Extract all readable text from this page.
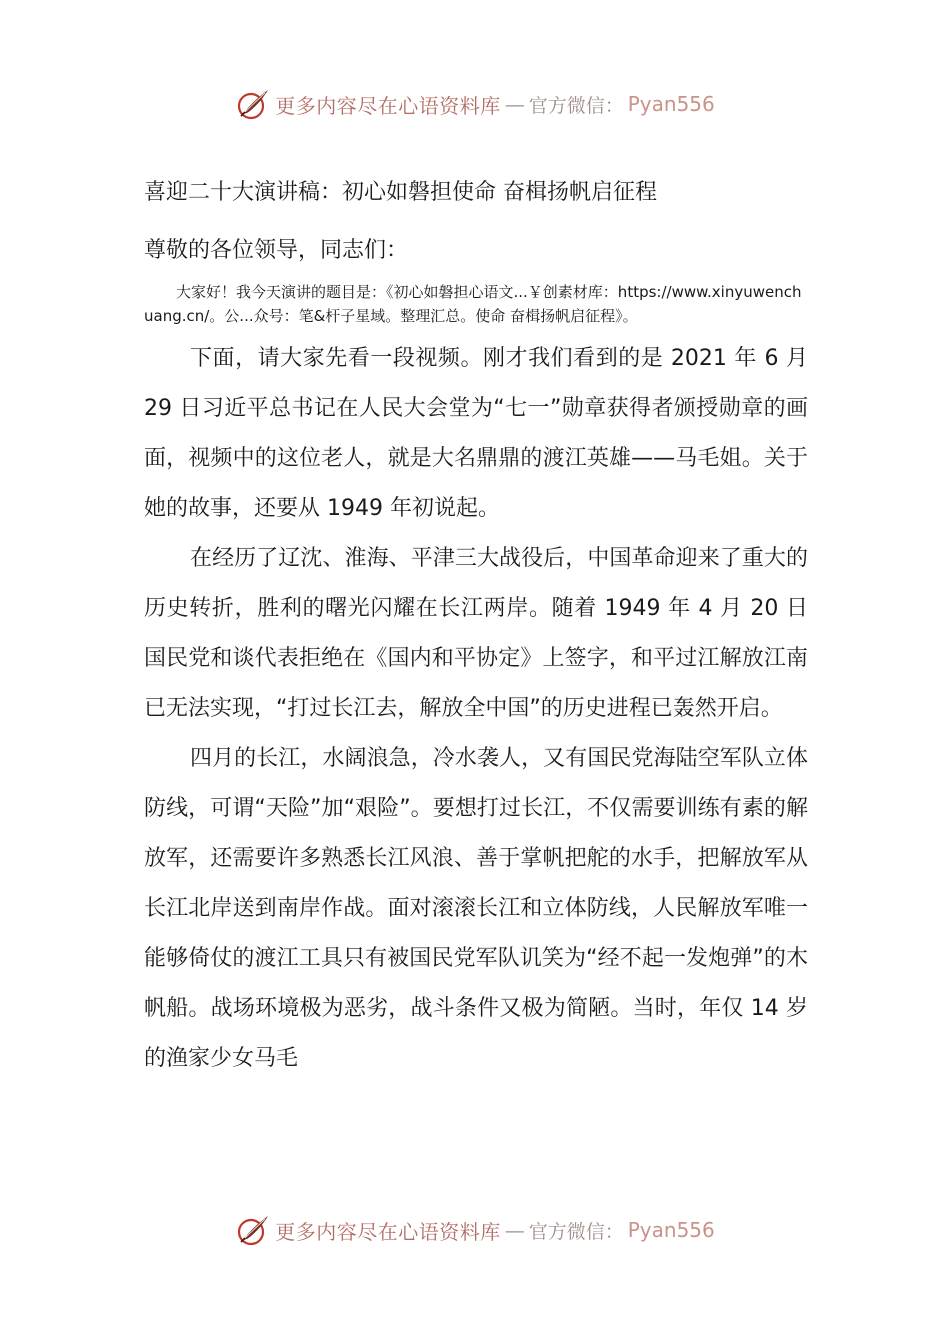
更多内容尽在心语资料库 — 官方微信： Pyan556
喜迎二十大演讲稿：初心如磐担使命 奋楫扬帆启征程

尊敬的各位领导，同志们：

大家好！我今天演讲的题目是：《初心如磐担心语文...￥创素材库：https://www.xinyuwenchuang.cn/。公...众号：笔&杆子星域。整理汇总。使命 奋楫扬帆启征程》。

下面，请大家先看一段视频。刚才我们看到的是 2021 年 6 月 29 日习近平总书记在人民大会堂为“七一”勋章获得者颁授勋章的画面，视频中的这位老人，就是大名鼎鼎的渡江英雄——马毛姐。关于她的故事，还要从 1949 年初说起。

在经历了辽沈、淮海、平津三大战役后，中国革命迎来了重大的历史转折，胜利的曙光闪耀在长江两岸。随着 1949 年 4 月 20 日国民党和谈代表拒绝在《国内和平协定》上签字，和平过江解放江南已无法实现，“打过长江去，解放全中国”的历史进程已轰然开启。

四月的长江，水阔浪急，冷水袭人，又有国民党海陆空军队立体防线，可谓“天险”加“艰险”。要想打过长江，不仅需要训练有素的解放军，还需要许多熟悉长江风浪、善于掌帆把舵的水手，把解放军从长江北岸送到南岸作战。面对滚滚长江和立体防线，人民解放军唯一能够倚仗的渡江工具只有被国民党军队讥笑为“经不起一发炮弹”的木帆船。战场环境极为恶劣，战斗条件又极为简陋。当时，年仅 14 岁的渔家少女马毛

更多内容尽在心语资料库 — 官方微信： Pyan556
